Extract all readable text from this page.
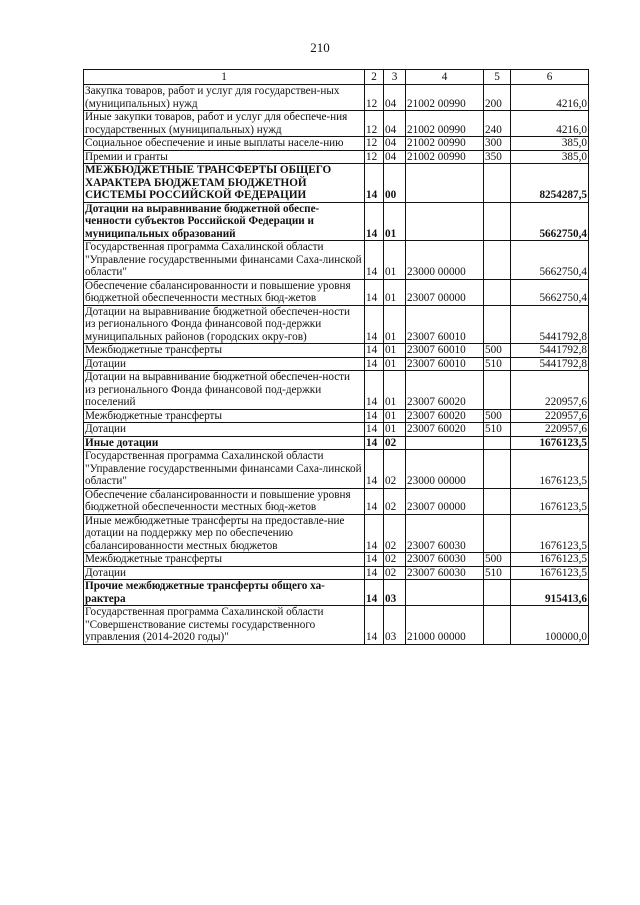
210
1	2	3	4	5	6
Закупка товаров, работ и услуг для государствен-ных (муниципальных) нужд	12	04	21002 00990	200	4216,0
Иные закупки товаров, работ и услуг для обеспече-ния государственных (муниципальных) нужд	12	04	21002 00990	240	4216,0
Социальное обеспечение и иные выплаты населе-нию	12	04	21002 00990	300	385,0
Премии и гранты	12	04	21002 00990	350	385,0
МЕЖБЮДЖЕТНЫЕ ТРАНСФЕРТЫ ОБЩЕГО ХАРАКТЕРА БЮДЖЕТАМ БЮДЖЕТНОЙ СИСТЕМЫ РОССИЙСКОЙ ФЕДЕРАЦИИ	14	00			8254287,5
Дотации на выравнивание бюджетной обеспе-ченности субъектов Российской Федерации и муниципальных образований	14	01			5662750,4
Государственная программа Сахалинской области "Управление государственными финансами Саха-линской области"	14	01	23000 00000		5662750,4
Обеспечение сбалансированности и повышение уровня бюджетной обеспеченности местных бюд-жетов	14	01	23007 00000		5662750,4
Дотации на выравнивание бюджетной обеспечен-ности из регионального Фонда финансовой под-держки муниципальных районов (городских окру-гов)	14	01	23007 60010		5441792,8
Межбюджетные трансферты	14	01	23007 60010	500	5441792,8
Дотации	14	01	23007 60010	510	5441792,8
Дотации на выравнивание бюджетной обеспечен-ности из регионального Фонда финансовой под-держки поселений	14	01	23007 60020		220957,6
Межбюджетные трансферты	14	01	23007 60020	500	220957,6
Дотации	14	01	23007 60020	510	220957,6
Иные дотации	14	02			1676123,5
Государственная программа Сахалинской области "Управление государственными финансами Саха-линской области"	14	02	23000 00000		1676123,5
Обеспечение сбалансированности и повышение уровня бюджетной обеспеченности местных бюд-жетов	14	02	23007 00000		1676123,5
Иные межбюджетные трансферты на предоставле-ние дотации на поддержку мер по обеспечению сбалансированности местных бюджетов	14	02	23007 60030		1676123,5
Межбюджетные трансферты	14	02	23007 60030	500	1676123,5
Дотации	14	02	23007 60030	510	1676123,5
Прочие межбюджетные трансферты общего ха-рактера	14	03			915413,6
Государственная программа Сахалинской области "Совершенствование системы государственного управления (2014-2020 годы)"	14	03	21000 00000		100000,0
